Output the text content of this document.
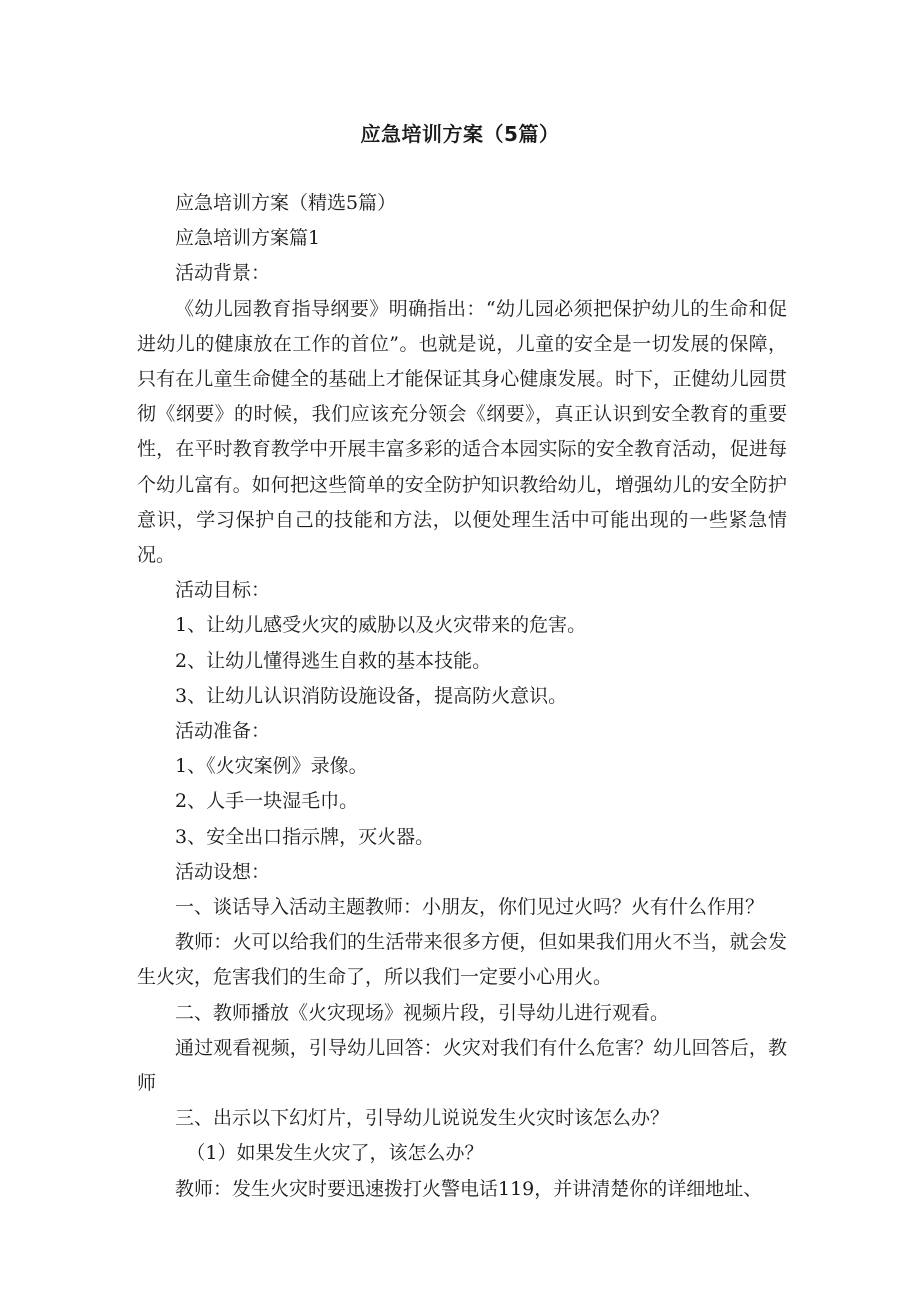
应急培训方案（5篇）

应急培训方案（精选5篇）

应急培训方案篇1

活动背景：

《幼儿园教育指导纲要》明确指出：“幼儿园必须把保护幼儿的生命和促进幼儿的健康放在工作的首位”。也就是说，儿童的安全是一切发展的保障，只有在儿童生命健全的基础上才能保证其身心健康发展。时下，正健幼儿园贯彻《纲要》的时候，我们应该充分领会《纲要》，真正认识到安全教育的重要性，在平时教育教学中开展丰富多彩的适合本园实际的安全教育活动，促进每个幼儿富有。如何把这些简单的安全防护知识教给幼儿，增强幼儿的安全防护意识，学习保护自己的技能和方法，以便处理生活中可能出现的一些紧急情况。

活动目标：

1、让幼儿感受火灾的威胁以及火灾带来的危害。

2、让幼儿懂得逃生自救的基本技能。

3、让幼儿认识消防设施设备，提高防火意识。

活动准备：

1、《火灾案例》录像。

2、人手一块湿毛巾。

3、安全出口指示牌，灭火器。

活动设想：

一、谈话导入活动主题教师：小朋友，你们见过火吗？火有什么作用？

教师：火可以给我们的生活带来很多方便，但如果我们用火不当，就会发生火灾，危害我们的生命了，所以我们一定要小心用火。

二、教师播放《火灾现场》视频片段，引导幼儿进行观看。

通过观看视频，引导幼儿回答：火灾对我们有什么危害？幼儿回答后，教师

三、出示以下幻灯片，引导幼儿说说发生火灾时该怎么办？

（1）如果发生火灾了，该怎么办？

教师：发生火灾时要迅速拨打火警电话119，并讲清楚你的详细地址、
